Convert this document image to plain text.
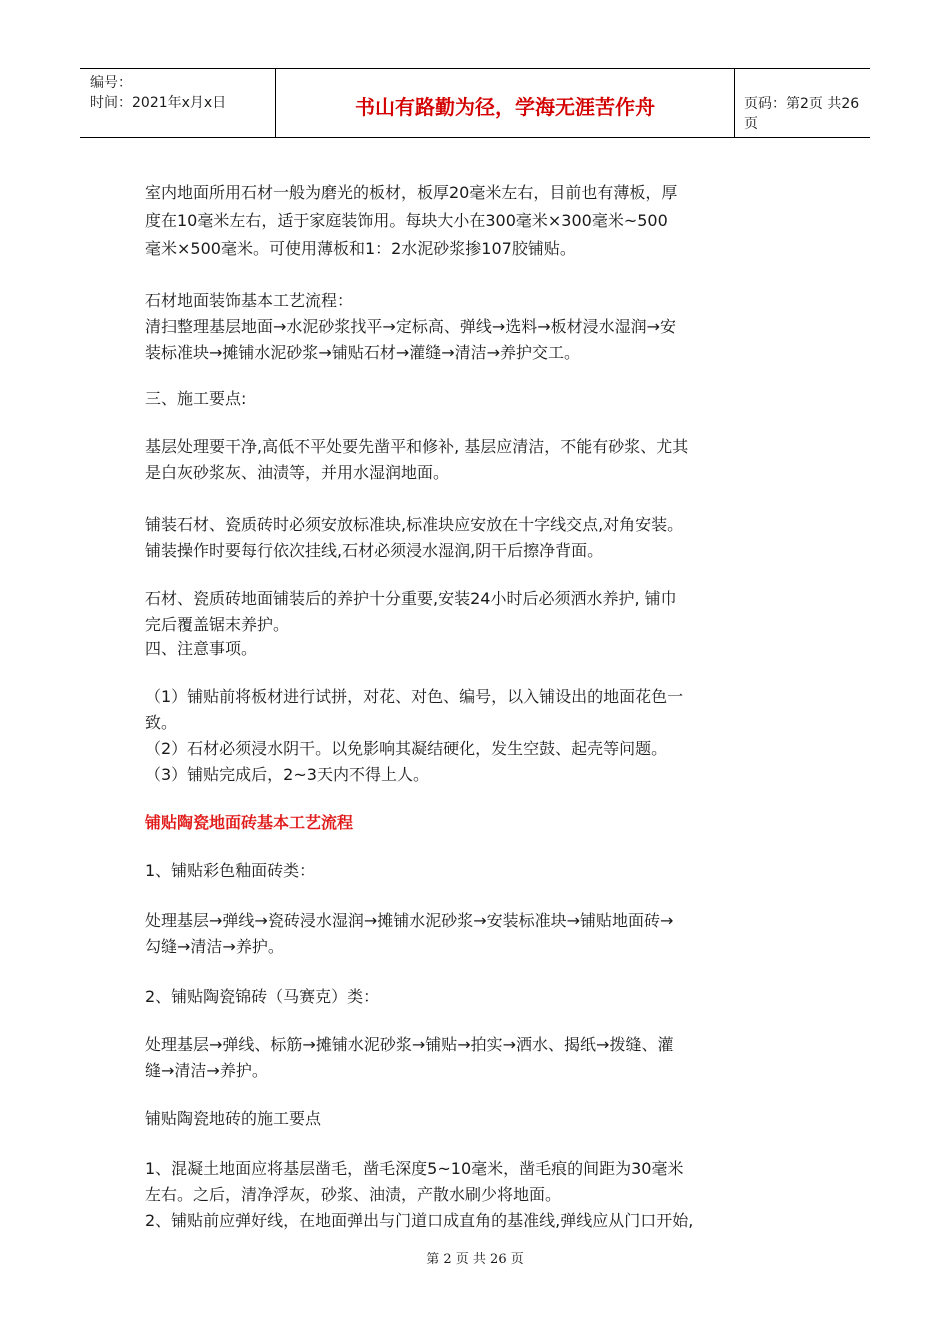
编号：
时间：2021年x月x日	书山有路勤为径，学海无涯苦作舟	页码：第2页 共26页
室内地面所用石材一般为磨光的板材，板厚20毫米左右，目前也有薄板，厚
度在10毫米左右，适于家庭装饰用。每块大小在300毫米×300毫米~500
毫米×500毫米。可使用薄板和1：2水泥砂浆掺107胶铺贴。
石材地面装饰基本工艺流程：
清扫整理基层地面→水泥砂浆找平→定标高、弹线→选料→板材浸水湿润→安
装标准块→摊铺水泥砂浆→铺贴石材→灌缝→清洁→养护交工。
三、施工要点:
基层处理要干净,高低不平处要先凿平和修补, 基层应清洁，不能有砂浆、尤其
是白灰砂浆灰、油渍等，并用水湿润地面。
铺装石材、瓷质砖时必须安放标准块,标准块应安放在十字线交点,对角安装。
铺装操作时要每行依次挂线,石材必须浸水湿润,阴干后擦净背面。
石材、瓷质砖地面铺装后的养护十分重要,安装24小时后必须洒水养护, 铺巾
完后覆盖锯末养护。
四、注意事项。
（1）铺贴前将板材进行试拼，对花、对色、编号，以入铺设出的地面花色一
致。
（2）石材必须浸水阴干。以免影响其凝结硬化，发生空鼓、起壳等问题。
（3）铺贴完成后，2~3天内不得上人。
铺贴陶瓷地面砖基本工艺流程
1、铺贴彩色釉面砖类：
处理基层→弹线→瓷砖浸水湿润→摊铺水泥砂浆→安装标准块→铺贴地面砖→
勾缝→清洁→养护。
2、铺贴陶瓷锦砖（马赛克）类：
处理基层→弹线、标筋→摊铺水泥砂浆→铺贴→拍实→洒水、揭纸→拨缝、灌
缝→清洁→养护。
铺贴陶瓷地砖的施工要点
1、混凝土地面应将基层凿毛，凿毛深度5~10毫米，凿毛痕的间距为30毫米
左右。之后，清净浮灰，砂浆、油渍，产散水刷少将地面。
2、铺贴前应弹好线，在地面弹出与门道口成直角的基准线,弹线应从门口开始,
第 2 页 共 26 页
